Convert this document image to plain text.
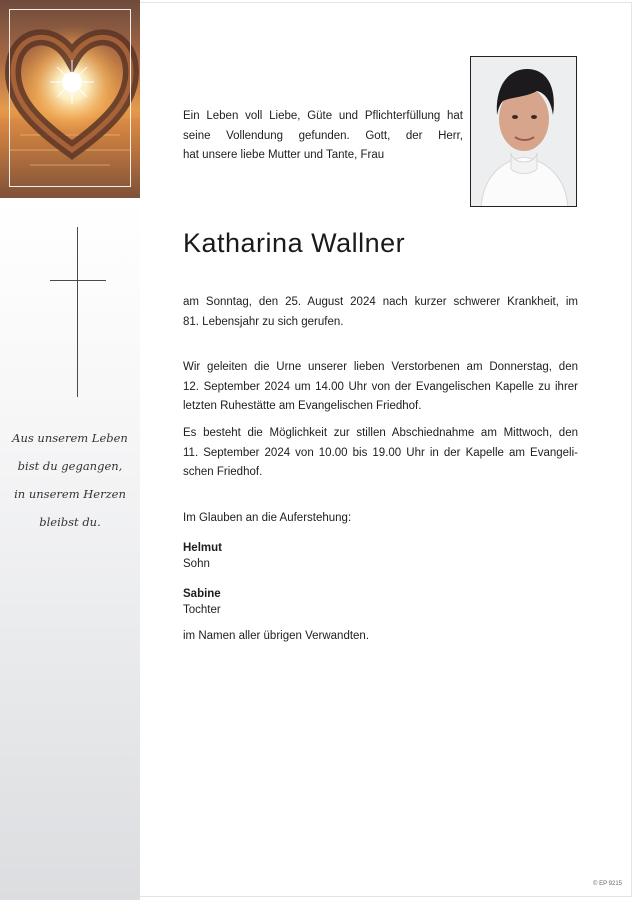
Aus unserem Leben
bist du gegangen,
in unserem Herzen
bleibst du.
Ein Leben voll Liebe, Güte und Pflichterfüllung hat
seine Vollendung gefunden. Gott, der Herr,
hat unsere liebe Mutter und Tante, Frau
Katharina Wallner
am Sonntag, den 25. August 2024 nach kurzer schwerer Krankheit, im
81. Lebensjahr zu sich gerufen.
Wir geleiten die Urne unserer lieben Verstorbenen am Donnerstag, den
12. September 2024 um 14.00 Uhr von der Evangelischen Kapelle zu ihrer
letzten Ruhestätte am Evangelischen Friedhof.
Es besteht die Möglichkeit zur stillen Abschiednahme am Mittwoch, den
11. September 2024 von 10.00 bis 19.00 Uhr in der Kapelle am Evangeli-
schen Friedhof.
Im Glauben an die Auferstehung:
Helmut
Sohn
Sabine
Tochter
im Namen aller übrigen Verwandten.
© EP 9215
